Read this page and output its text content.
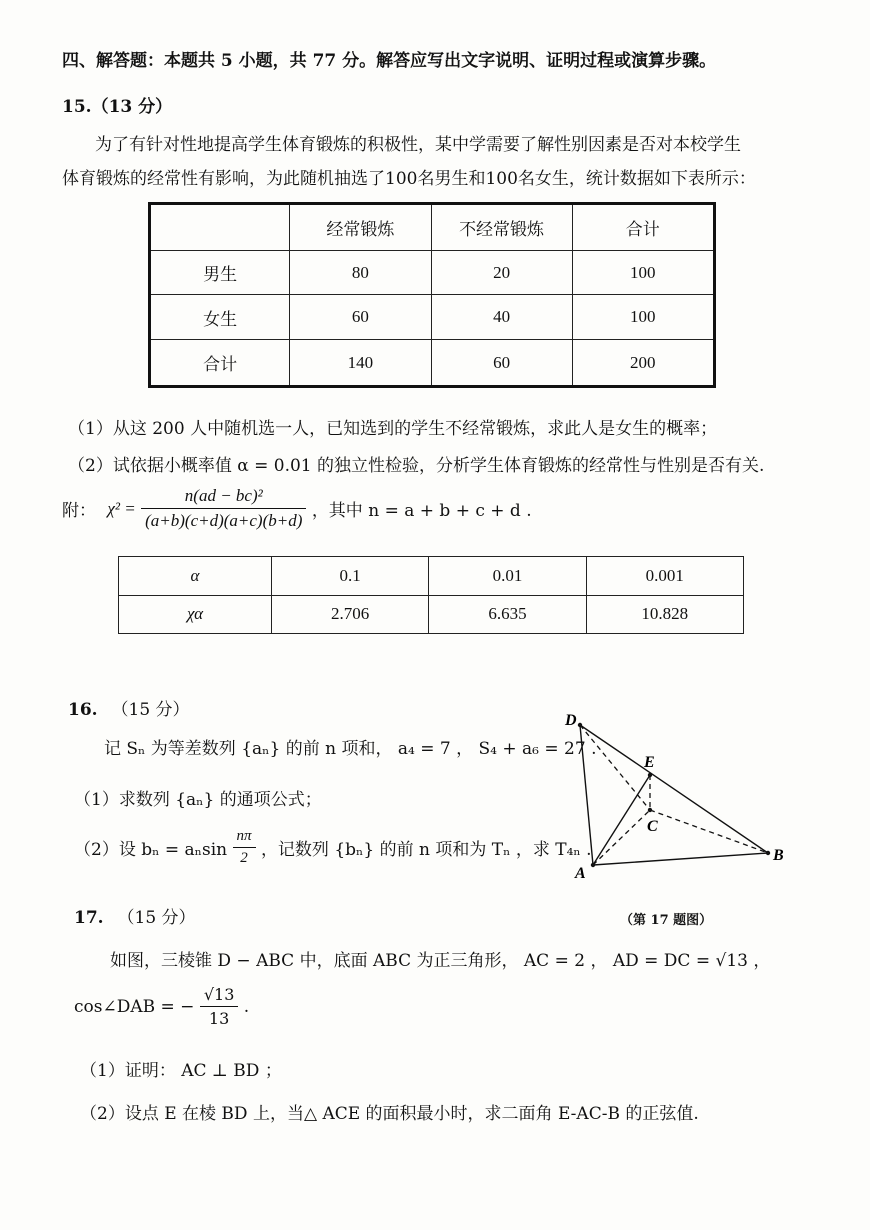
四、解答题：本题共 5 小题，共 77 分。解答应写出文字说明、证明过程或演算步骤。
15.（13 分）
为了有针对性地提高学生体育锻炼的积极性，某中学需要了解性别因素是否对本校学生
体育锻炼的经常性有影响，为此随机抽选了100名男生和100名女生，统计数据如下表所示：
	经常锻炼	不经常锻炼	合计
男生	80	20	100
女生	60	40	100
合计	140	60	200
（1）从这 200 人中随机选一人，已知选到的学生不经常锻炼，求此人是女生的概率；
（2）试依据小概率值 α = 0.01 的独立性检验，分析学生体育锻炼的经常性与性别是否有关.
附： $\chi^2 = \frac{\text{n(ad − bc)²}}{(a+b)(c+d)(a+c)(b+d)}$ ，其中 n = a + b + c + d .
α	0.1	0.01	0.001
χα	2.706	6.635	10.828
16. （15 分）
记 Sₙ 为等差数列 {aₙ} 的前 n 项和， a₄ = 7 ， S₄ + a₆ = 27 .
（1）求数列 {aₙ} 的通项公式；
（2）设 bₙ = aₙsin $\frac{n\pi}{2}$ ，记数列 {bₙ} 的前 n 项和为 Tₙ ，求 T₄ₙ .
D
E
C
A
B
（第 17 题图）
17. （15 分）
如图，三棱锥 D − ABC 中，底面 ABC 为正三角形， AC = 2 ， AD = DC = √13 ，
cos∠DAB = − $\frac{√13}{13}$ .
（1）证明： AC ⊥ BD ；
（2）设点 E 在棱 BD 上，当△ ACE 的面积最小时，求二面角 E-AC-B 的正弦值.
